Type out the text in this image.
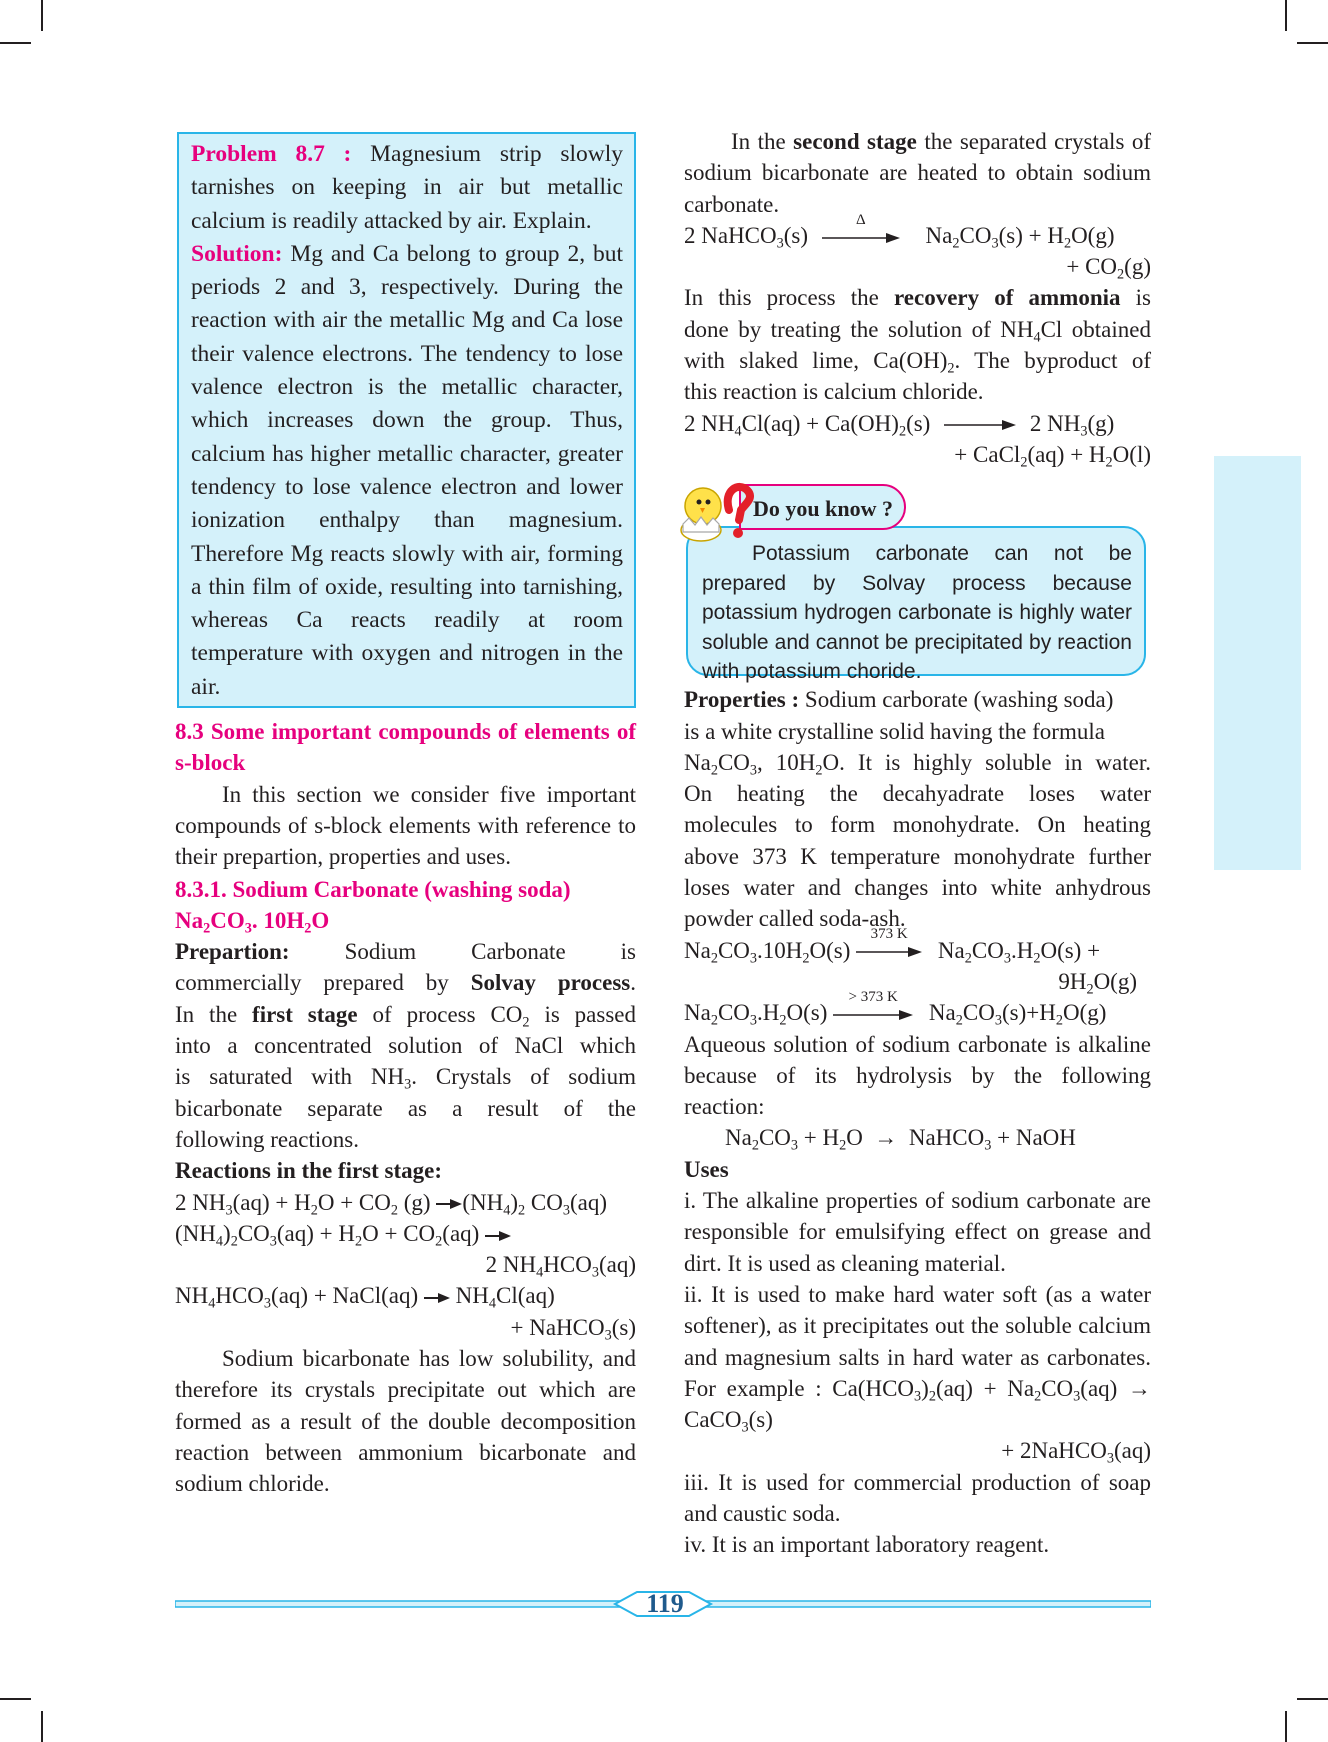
Problem 8.7 : Magnesium strip slowly tarnishes on keeping in air but metallic calcium is readily attacked by air. Explain.

Solution: Mg and Ca belong to group 2, but periods 2 and 3, respectively. During the reaction with air the metallic Mg and Ca lose their valence electrons. The tendency to lose valence electron is the metallic character, which increases down the group. Thus, calcium has higher metallic character, greater tendency to lose valence electron and lower ionization enthalpy than magnesium. Therefore Mg reacts slowly with air, forming a thin film of oxide, resulting into tarnishing, whereas Ca reacts readily at room temperature with oxygen and nitrogen in the air.

8.3 Some important compounds of elements of s-block

In this section we consider five important compounds of s-block elements with reference to their prepartion, properties and uses.

8.3.1. Sodium Carbonate (washing soda)
$Na_2CO_3$. $10H_2O$

Prepartion: Sodium Carbonate is

commercially prepared by Solvay process.

In the first stage of process $CO_2$ is passed

into a concentrated solution of NaCl which

is saturated with $NH_3$. Crystals of sodium

bicarbonate separate as a result of the

following reactions.

Reactions in the first stage:

2 $NH_3(aq) + H_2O + CO_2$ (g)
$(NH_4)_2$ $CO_3(aq)$

$(NH_4)_2CO_3(aq) + H_2O + CO_2(aq)$

2 $NH_4HCO_3(aq)$

$NH_4HCO_3(aq)$ + NaCl(aq)
$NH_4Cl(aq)$

+ NaHCO$_3$(s)

Sodium bicarbonate has low solubility, and therefore its crystals precipitate out which are formed as a result of the double decomposition reaction between ammonium bicarbonate and sodium chloride.

In the second stage the separated crystals of sodium bicarbonate are heated to obtain sodium carbonate.

2 NaHCO$_3$(s)
Δ
$Na_2CO_3(s) + H_2O(g)$

+ $CO_2(g)$

In this process the recovery of ammonia is

done by treating the solution of $NH_4Cl$ obtained

with slaked lime, $Ca(OH)_2$. The byproduct of

this reaction is calcium chloride.

2 $NH_4Cl(aq) + Ca(OH)_2(s)$	2 $NH_3(g)$

+ CaCl$_2$(aq) + $H_2O(l)$

Potassium carbonate can not be prepared by Solvay process because potassium hydrogen carbonate is highly water soluble and cannot be precipitated by reaction with potassium choride.

Do you know ?

Properties : Sodium carborate (washing soda)

is a white crystalline solid having the formula

$Na_2CO_3$, $10H_2O$. It is highly soluble in water.

On heating the decahyadrate loses water molecules to form monohydrate. On heating above 373 K temperature monohydrate further loses water and changes into white anhydrous powder called soda-ash.

$Na_2CO_3.10H_2O(s)$
373 K
$Na_2CO_3.H_2O(s)$ +

$9H_2O(g)$

$Na_2CO_3.H_2O(s)$
> 373 K
$Na_2CO_3(s)+H_2O(g)$

Aqueous solution of sodium carbonate is alkaline because of its hydrolysis by the following reaction:

$Na_2CO_3 + H_2O$  →  NaHCO$_3$ + NaOH

Uses

i. The alkaline properties of sodium carbonate are responsible for emulsifying effect on grease and dirt. It is used as cleaning material.

ii. It is used to make hard water soft (as a water softener), as it precipitates out the soluble calcium and magnesium salts in hard water as carbonates. For example : $Ca(HCO_3)_2(aq) + Na_2CO_3(aq)$ → CaCO$_3$(s)

+ 2NaHCO$_3$(aq)

iii. It is used for commercial production of soap and caustic soda.

iv. It is an important laboratory reagent.

119
